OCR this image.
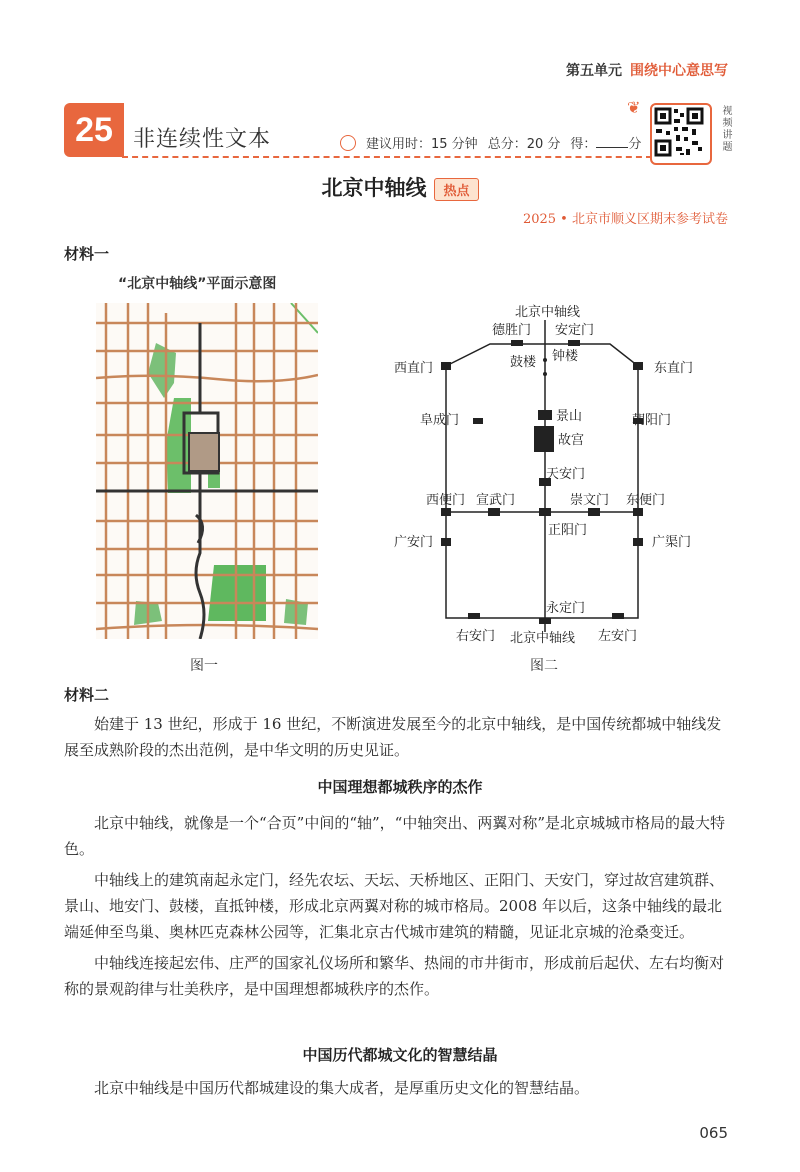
第五单元 围绕中心意思写
25 非连续性文本	建议用时：15 分钟 总分：20 分 得： 分
❦	视频讲题
北京中轴线 热点
2025 • 北京市顺义区期末参考试卷
材料一
“北京中轴线”平面示意图
图一
北京中轴线
德胜门 安定门
鼓楼 钟楼
西直门	东直门
阜成门	景山	朝阳门
故宫
天安门
西便门 宣武门	崇文门 东便门
正阳门
广安门	广渠门
永定门
右安门 北京中轴线 左安门
图二
材料二

始建于 13 世纪，形成于 16 世纪，不断演进发展至今的北京中轴线，是中国传统都城中轴线发展至成熟阶段的杰出范例，是中华文明的历史见证。

中国理想都城秩序的杰作

北京中轴线，就像是一个“合页”中间的“轴”，“中轴突出、两翼对称”是北京城城市格局的最大特色。

中轴线上的建筑南起永定门，经先农坛、天坛、天桥地区、正阳门、天安门，穿过故宫建筑群、景山、地安门、鼓楼，直抵钟楼，形成北京两翼对称的城市格局。2008 年以后，这条中轴线的最北端延伸至鸟巢、奥林匹克森林公园等，汇集北京古代城市建筑的精髓，见证北京城的沧桑变迁。

中轴线连接起宏伟、庄严的国家礼仪场所和繁华、热闹的市井街市，形成前后起伏、左右均衡对称的景观韵律与壮美秩序，是中国理想都城秩序的杰作。

中国历代都城文化的智慧结晶

北京中轴线是中国历代都城建设的集大成者，是厚重历史文化的智慧结晶。

065
